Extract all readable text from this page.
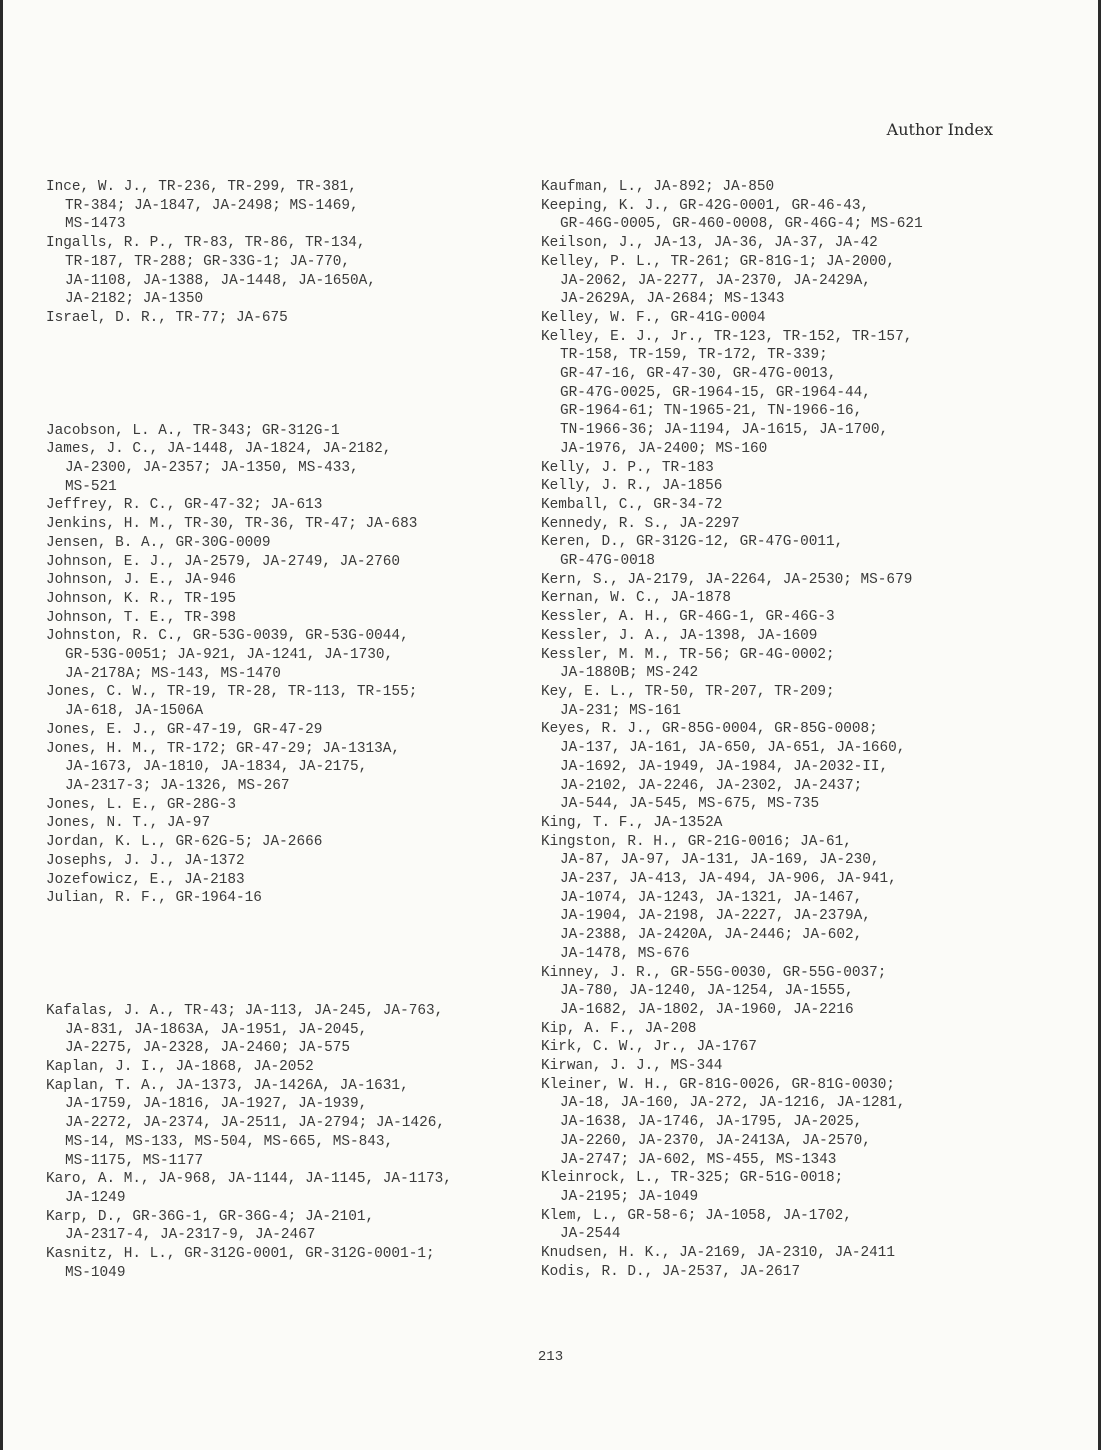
Author Index
Ince, W. J., TR-236, TR-299, TR-381,
TR-384; JA-1847, JA-2498; MS-1469,
MS-1473
Ingalls, R. P., TR-83, TR-86, TR-134,
TR-187, TR-288; GR-33G-1; JA-770,
JA-1108, JA-1388, JA-1448, JA-1650A,
JA-2182; JA-1350
Israel, D. R., TR-77; JA-675
Jacobson, L. A., TR-343; GR-312G-1
James, J. C., JA-1448, JA-1824, JA-2182,
JA-2300, JA-2357; JA-1350, MS-433,
MS-521
Jeffrey, R. C., GR-47-32; JA-613
Jenkins, H. M., TR-30, TR-36, TR-47; JA-683
Jensen, B. A., GR-30G-0009
Johnson, E. J., JA-2579, JA-2749, JA-2760
Johnson, J. E., JA-946
Johnson, K. R., TR-195
Johnson, T. E., TR-398
Johnston, R. C., GR-53G-0039, GR-53G-0044,
GR-53G-0051; JA-921, JA-1241, JA-1730,
JA-2178A; MS-143, MS-1470
Jones, C. W., TR-19, TR-28, TR-113, TR-155;
JA-618, JA-1506A
Jones, E. J., GR-47-19, GR-47-29
Jones, H. M., TR-172; GR-47-29; JA-1313A,
JA-1673, JA-1810, JA-1834, JA-2175,
JA-2317-3; JA-1326, MS-267
Jones, L. E., GR-28G-3
Jones, N. T., JA-97
Jordan, K. L., GR-62G-5; JA-2666
Josephs, J. J., JA-1372
Jozefowicz, E., JA-2183
Julian, R. F., GR-1964-16
Kafalas, J. A., TR-43; JA-113, JA-245, JA-763,
JA-831, JA-1863A, JA-1951, JA-2045,
JA-2275, JA-2328, JA-2460; JA-575
Kaplan, J. I., JA-1868, JA-2052
Kaplan, T. A., JA-1373, JA-1426A, JA-1631,
JA-1759, JA-1816, JA-1927, JA-1939,
JA-2272, JA-2374, JA-2511, JA-2794; JA-1426,
MS-14, MS-133, MS-504, MS-665, MS-843,
MS-1175, MS-1177
Karo, A. M., JA-968, JA-1144, JA-1145, JA-1173,
JA-1249
Karp, D., GR-36G-1, GR-36G-4; JA-2101,
JA-2317-4, JA-2317-9, JA-2467
Kasnitz, H. L., GR-312G-0001, GR-312G-0001-1;
MS-1049
Kaufman, L., JA-892; JA-850
Keeping, K. J., GR-42G-0001, GR-46-43,
GR-46G-0005, GR-460-0008, GR-46G-4; MS-621
Keilson, J., JA-13, JA-36, JA-37, JA-42
Kelley, P. L., TR-261; GR-81G-1; JA-2000,
JA-2062, JA-2277, JA-2370, JA-2429A,
JA-2629A, JA-2684; MS-1343
Kelley, W. F., GR-41G-0004
Kelley, E. J., Jr., TR-123, TR-152, TR-157,
TR-158, TR-159, TR-172, TR-339;
GR-47-16, GR-47-30, GR-47G-0013,
GR-47G-0025, GR-1964-15, GR-1964-44,
GR-1964-61; TN-1965-21, TN-1966-16,
TN-1966-36; JA-1194, JA-1615, JA-1700,
JA-1976, JA-2400; MS-160
Kelly, J. P., TR-183
Kelly, J. R., JA-1856
Kemball, C., GR-34-72
Kennedy, R. S., JA-2297
Keren, D., GR-312G-12, GR-47G-0011,
GR-47G-0018
Kern, S., JA-2179, JA-2264, JA-2530; MS-679
Kernan, W. C., JA-1878
Kessler, A. H., GR-46G-1, GR-46G-3
Kessler, J. A., JA-1398, JA-1609
Kessler, M. M., TR-56; GR-4G-0002;
JA-1880B; MS-242
Key, E. L., TR-50, TR-207, TR-209;
JA-231; MS-161
Keyes, R. J., GR-85G-0004, GR-85G-0008;
JA-137, JA-161, JA-650, JA-651, JA-1660,
JA-1692, JA-1949, JA-1984, JA-2032-II,
JA-2102, JA-2246, JA-2302, JA-2437;
JA-544, JA-545, MS-675, MS-735
King, T. F., JA-1352A
Kingston, R. H., GR-21G-0016; JA-61,
JA-87, JA-97, JA-131, JA-169, JA-230,
JA-237, JA-413, JA-494, JA-906, JA-941,
JA-1074, JA-1243, JA-1321, JA-1467,
JA-1904, JA-2198, JA-2227, JA-2379A,
JA-2388, JA-2420A, JA-2446; JA-602,
JA-1478, MS-676
Kinney, J. R., GR-55G-0030, GR-55G-0037;
JA-780, JA-1240, JA-1254, JA-1555,
JA-1682, JA-1802, JA-1960, JA-2216
Kip, A. F., JA-208
Kirk, C. W., Jr., JA-1767
Kirwan, J. J., MS-344
Kleiner, W. H., GR-81G-0026, GR-81G-0030;
JA-18, JA-160, JA-272, JA-1216, JA-1281,
JA-1638, JA-1746, JA-1795, JA-2025,
JA-2260, JA-2370, JA-2413A, JA-2570,
JA-2747; JA-602, MS-455, MS-1343
Kleinrock, L., TR-325; GR-51G-0018;
JA-2195; JA-1049
Klem, L., GR-58-6; JA-1058, JA-1702,
JA-2544
Knudsen, H. K., JA-2169, JA-2310, JA-2411
Kodis, R. D., JA-2537, JA-2617
213
